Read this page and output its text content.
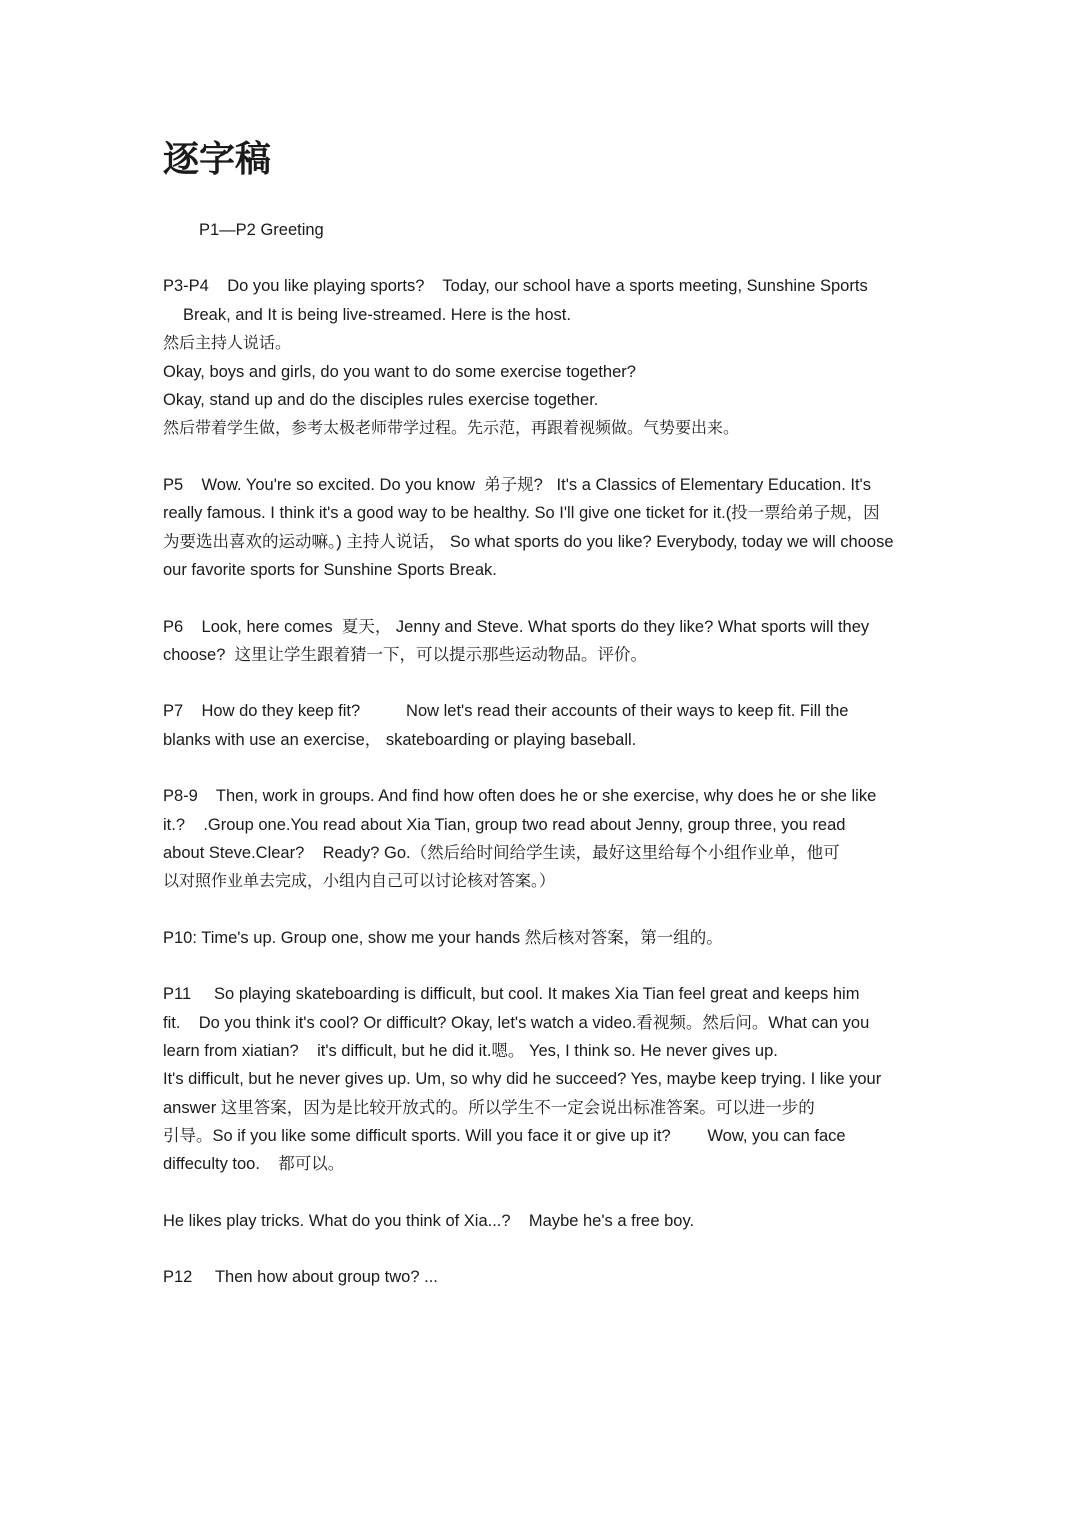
逐字稿

P1—P2 Greeting

P3-P4    Do you like playing sports?    Today, our school have a sports meeting, Sunshine Sports

Break, and It is being live-streamed. Here is the host.

然后主持人说话。

Okay, boys and girls, do you want to do some exercise together?

Okay, stand up and do the disciples rules exercise together.

然后带着学生做，参考太极老师带学过程。先示范，再跟着视频做。气势要出来。

P5    Wow. You're so excited. Do you know  弟子规?   It's a Classics of Elementary Education. It's

really famous. I think it's a good way to be healthy. So I'll give one ticket for it.(投一票给弟子规，因

为要选出喜欢的运动嘛。) 主持人说话， So what sports do you like? Everybody, today we will choose

our favorite sports for Sunshine Sports Break.

P6    Look, here comes  夏天， Jenny and Steve. What sports do they like? What sports will they

choose?  这里让学生跟着猜一下，可以提示那些运动物品。评价。

P7    How do they keep fit?          Now let's read their accounts of their ways to keep fit. Fill the

blanks with use an exercise， skateboarding or playing baseball.

P8-9    Then, work in groups. And find how often does he or she exercise, why does he or she like

it.?    .Group one.You read about Xia Tian, group two read about Jenny, group three, you read

about Steve.Clear?    Ready? Go.（然后给时间给学生读，最好这里给每个小组作业单，他可

以对照作业单去完成，小组内自己可以讨论核对答案。）

P10: Time's up. Group one, show me your hands 然后核对答案，第一组的。

P11     So playing skateboarding is difficult, but cool. It makes Xia Tian feel great and keeps him

fit.    Do you think it's cool? Or difficult? Okay, let's watch a video.看视频。然后问。What can you

learn from xiatian?    it's difficult, but he did it.嗯。 Yes, I think so. He never gives up.

It's difficult, but he never gives up. Um, so why did he succeed? Yes, maybe keep trying. I like your

answer 这里答案，因为是比较开放式的。所以学生不一定会说出标准答案。可以进一步的

引导。So if you like some difficult sports. Will you face it or give up it?        Wow, you can face

diffeculty too.    都可以。

He likes play tricks. What do you think of Xia...?    Maybe he's a free boy.

P12     Then how about group two? ...
